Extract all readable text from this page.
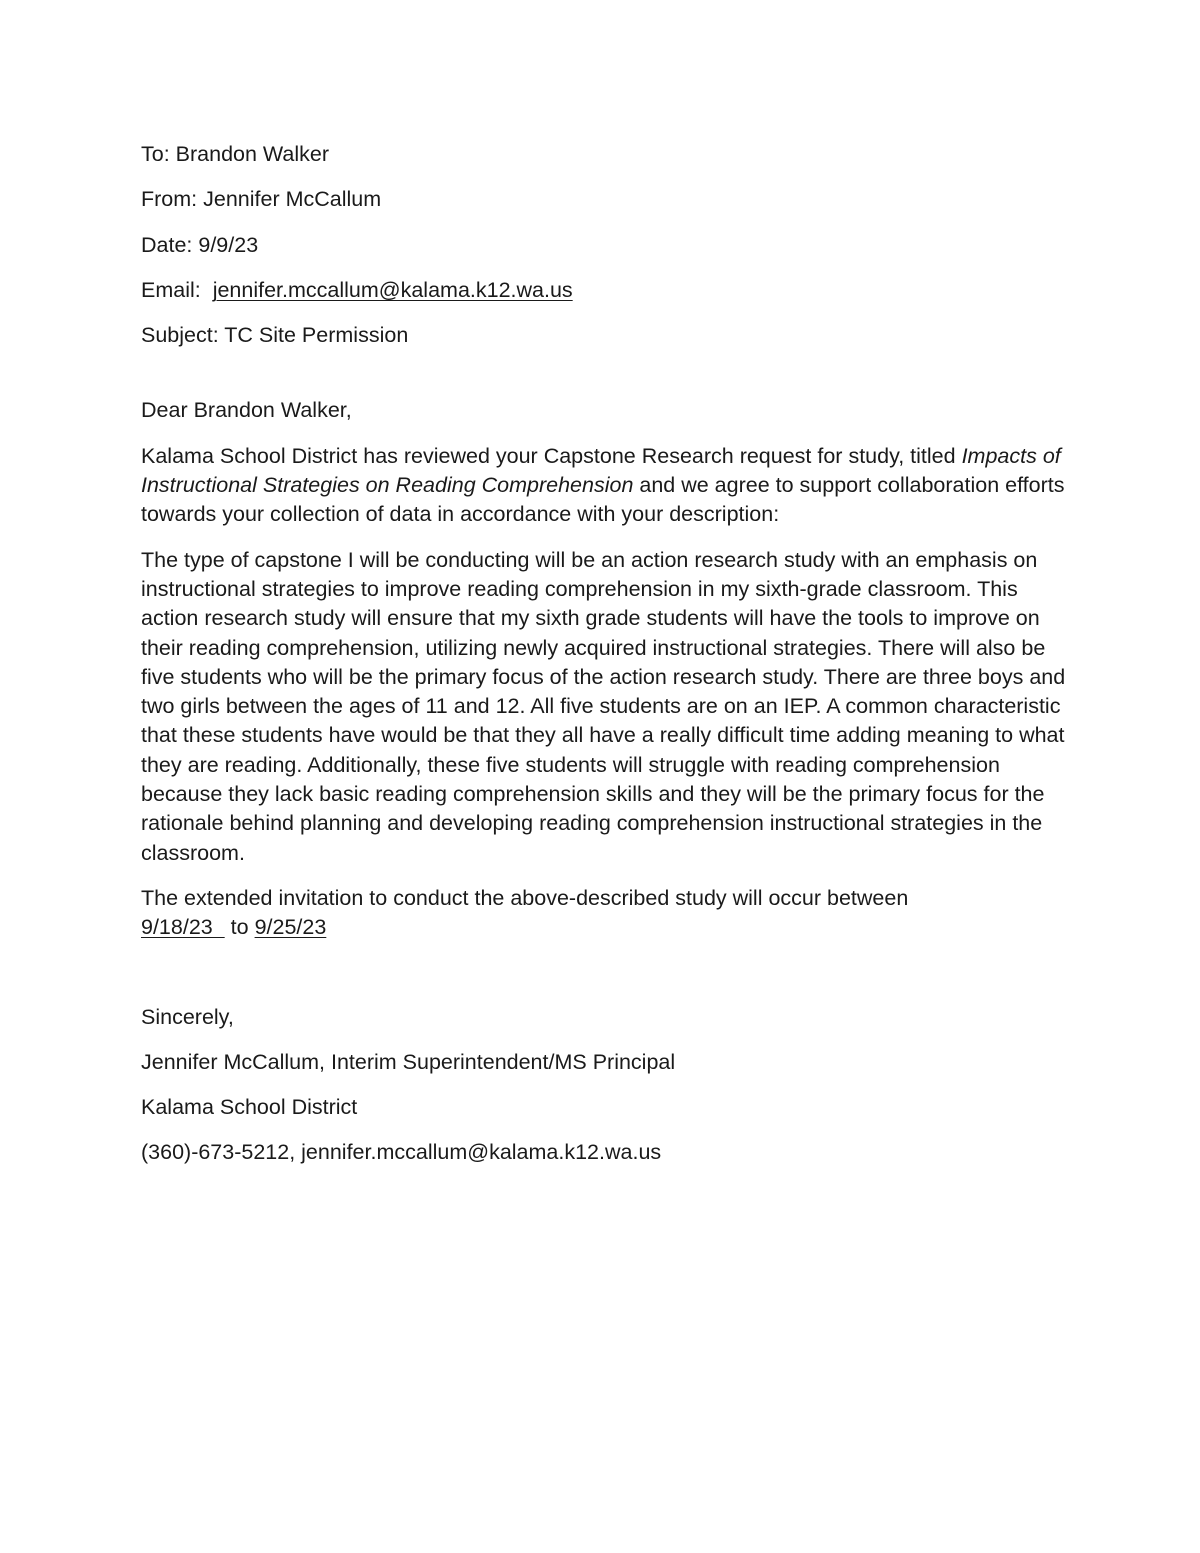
To: Brandon Walker
From: Jennifer McCallum
Date: 9/9/23
Email:  jennifer.mccallum@kalama.k12.wa.us
Subject: TC Site Permission
Dear Brandon Walker,
Kalama School District has reviewed your Capstone Research request for study, titled Impacts of Instructional Strategies on Reading Comprehension and we agree to support collaboration efforts towards your collection of data in accordance with your description:
The type of capstone I will be conducting will be an action research study with an emphasis on instructional strategies to improve reading comprehension in my sixth-grade classroom. This action research study will ensure that my sixth grade students will have the tools to improve on their reading comprehension, utilizing newly acquired instructional strategies. There will also be five students who will be the primary focus of the action research study. There are three boys and two girls between the ages of 11 and 12. All five students are on an IEP. A common characteristic that these students have would be that they all have a really difficult time adding meaning to what they are reading. Additionally, these five students will struggle with reading comprehension because they lack basic reading comprehension skills and they will be the primary focus for the rationale behind planning and developing reading comprehension instructional strategies in the classroom.
The extended invitation to conduct the above-described study will occur between 9/18/23   to 9/25/23
Sincerely,
Jennifer McCallum, Interim Superintendent/MS Principal
Kalama School District
(360)-673-5212, jennifer.mccallum@kalama.k12.wa.us
